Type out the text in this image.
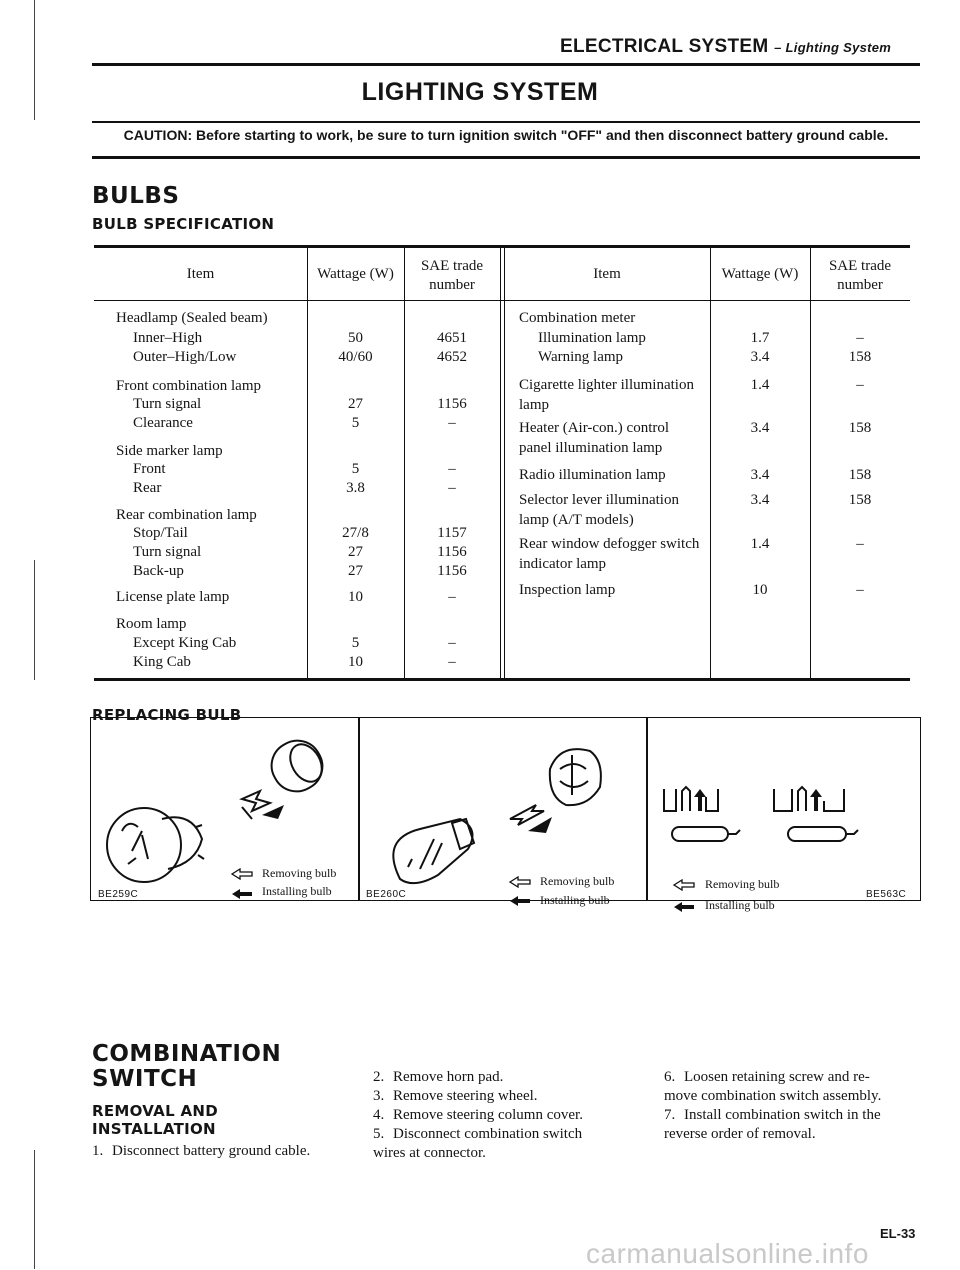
ELECTRICAL SYSTEM – Lighting System
LIGHTING SYSTEM
CAUTION: Before starting to work, be sure to turn ignition switch "OFF" and then disconnect battery ground cable.
BULBS
BULB SPECIFICATION
Item	Wattage (W)	SAE trade
number
Item	Wattage (W)	SAE trade
number
Headlamp (Sealed beam)
Inner–High	50	4651
Outer–High/Low	40/60	4652
Front combination lamp
Turn signal	27	1156
Clearance	5	–
Side marker lamp
Front	5	–
Rear	3.8	–
Rear combination lamp
Stop/Tail	27/8	1157
Turn signal	27	1156
Back-up	27	1156
License plate lamp	10	–
Room lamp
Except King Cab	5	–
King Cab	10	–
Combination meter
Illumination lamp	1.7	–
Warning lamp	3.4	158
Cigarette lighter illumination
lamp
1.4	–
Heater (Air-con.) control
panel illumination lamp
3.4	158
Radio illumination lamp	3.4	158
Selector lever illumination
lamp (A/T models)
3.4	158
Rear window defogger switch
indicator lamp
1.4	–
Inspection lamp	10	–
REPLACING BULB
Removing bulb
Installing bulb
BE259C
Removing bulb
Installing bulb
BE260C
Removing bulb
Installing bulb
BE563C
COMBINATION
SWITCH
REMOVAL AND
INSTALLATION
1. Disconnect battery ground cable.
2. Remove horn pad.
3. Remove steering wheel.
4. Remove steering column cover.
5. Disconnect combination switch
wires at connector.
6. Loosen retaining screw and re-
move combination switch assembly.
7. Install combination switch in the
reverse order of removal.
EL-33
carmanualsonline.info
